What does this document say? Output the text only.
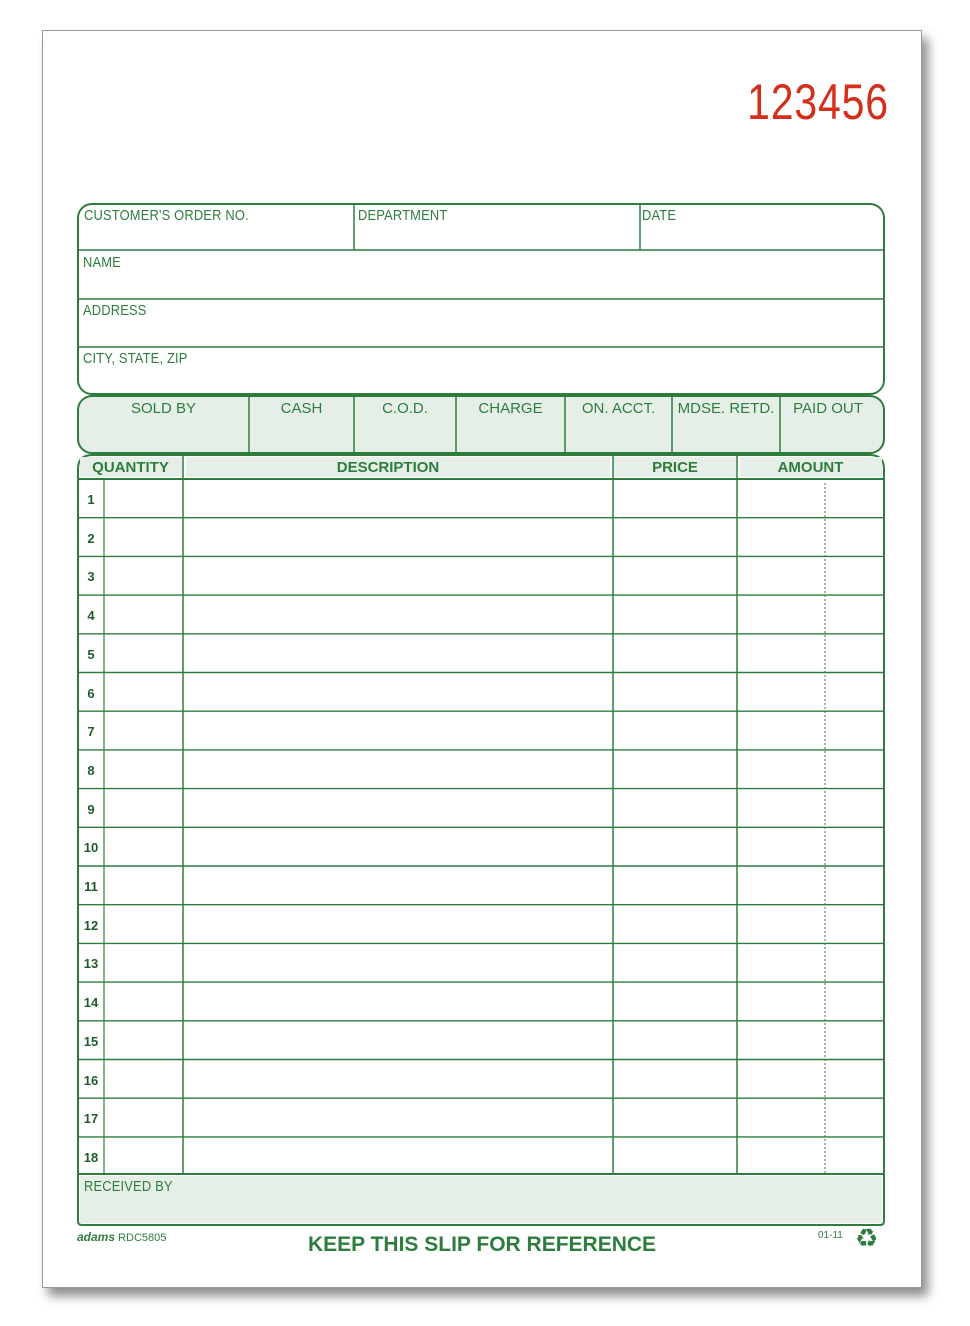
123456
CUSTOMER'S ORDER NO.	DEPARTMENT	DATE
NAME
ADDRESS
CITY, STATE, ZIP
SOLD BY	CASH	C.O.D.	CHARGE	ON. ACCT.	MDSE. RETD.	PAID OUT
QUANTITY	DESCRIPTION	PRICE	AMOUNT
1
2
3
4
5
6
7
8
9
10
11
12
13
14
15
16
17
18
RECEIVED BY
adams RDC5805	KEEP THIS SLIP FOR REFERENCE	01-11 ♻
